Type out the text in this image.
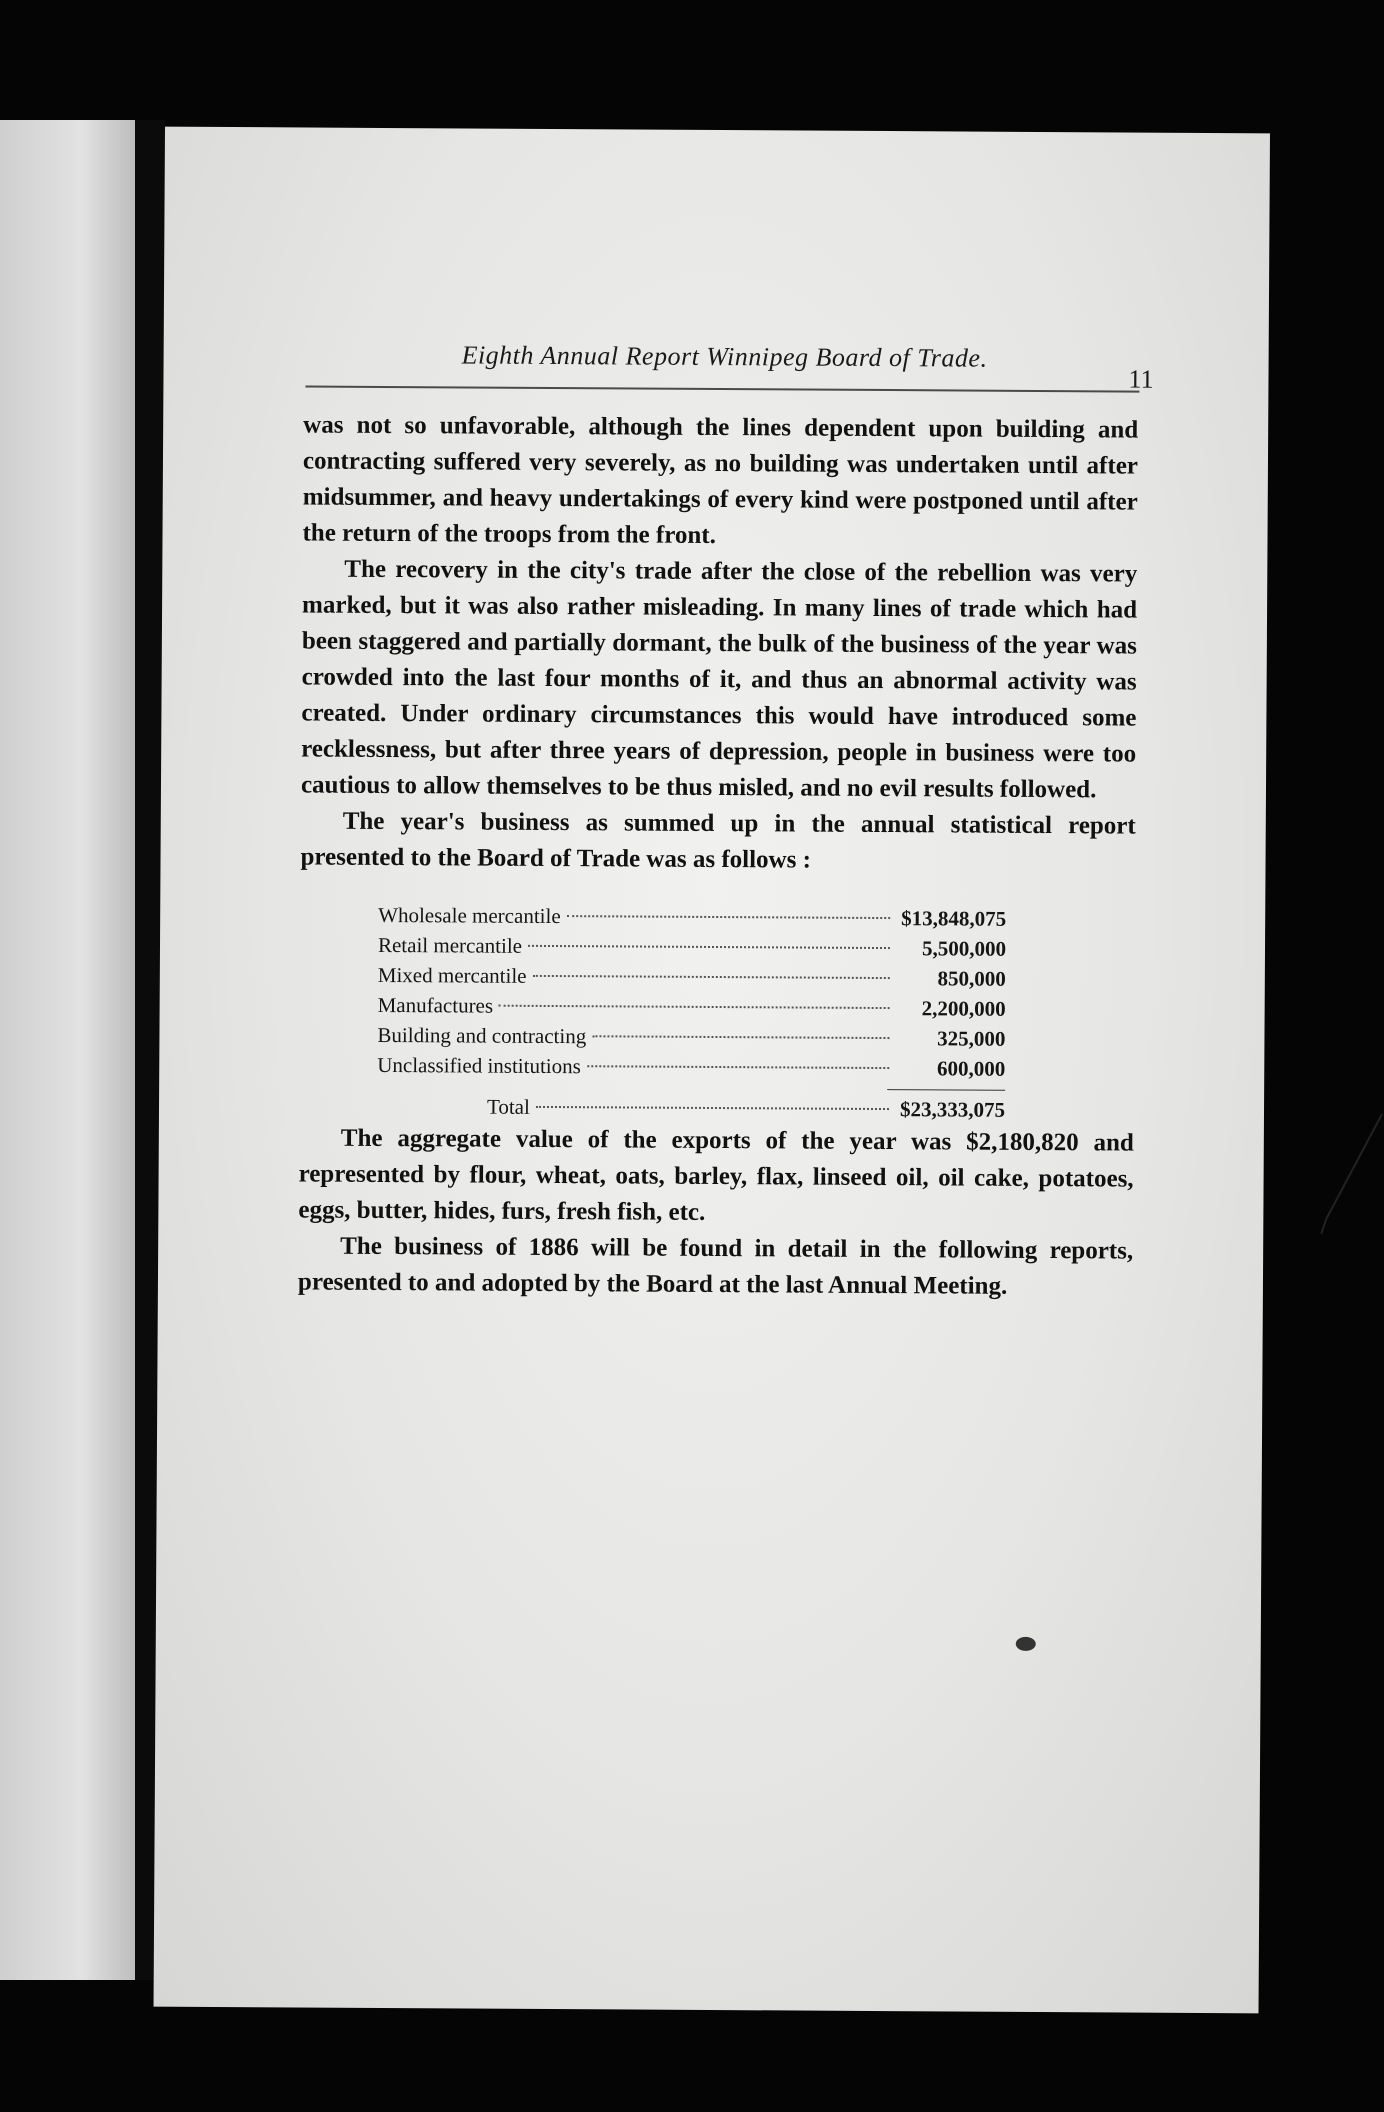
Eighth Annual Report Winnipeg Board of Trade.
11

was not so unfavorable, although the lines dependent upon building and contracting suffered very severely, as no building was undertaken until after midsummer, and heavy undertakings of every kind were postponed until after the return of the troops from the front.

The recovery in the city's trade after the close of the rebellion was very marked, but it was also rather misleading. In many lines of trade which had been staggered and partially dormant, the bulk of the business of the year was crowded into the last four months of it, and thus an abnormal activity was created. Under ordinary circumstances this would have introduced some recklessness, but after three years of depression, people in business were too cautious to allow themselves to be thus misled, and no evil results followed.

The year's business as summed up in the annual statistical report presented to the Board of Trade was as follows :

Wholesale mercantile	$13,848,075
Retail mercantile	5,500,000
Mixed mercantile	850,000
Manufactures	2,200,000
Building and contracting	325,000
Unclassified institutions	600,000
Total	$23,333,075

The aggregate value of the exports of the year was $2,180,820 and represented by flour, wheat, oats, barley, flax, linseed oil, oil cake, potatoes, eggs, butter, hides, furs, fresh fish, etc.

The business of 1886 will be found in detail in the following reports, presented to and adopted by the Board at the last Annual Meeting.
